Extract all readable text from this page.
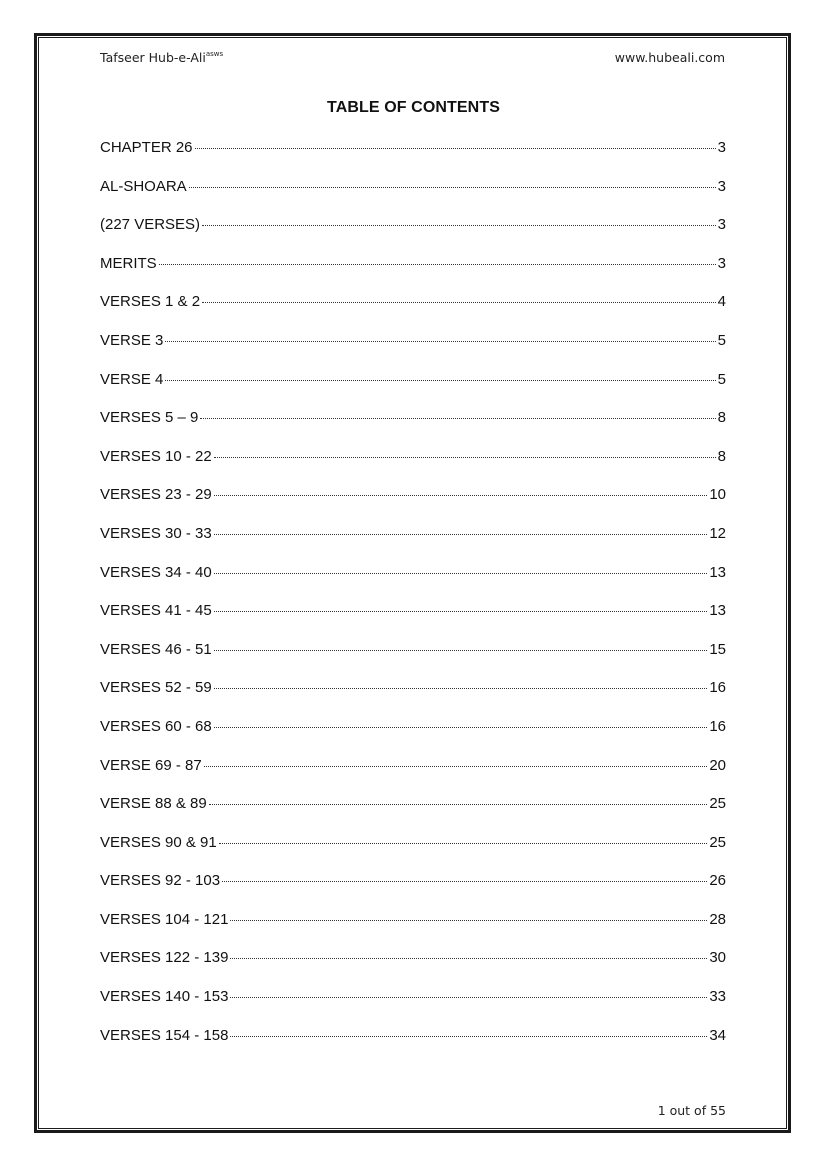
Tafseer Hub-e-Ali$^{asws}$	www.hubeali.com
TABLE OF CONTENTS
CHAPTER 26	3
AL-SHOARA	3
(227 VERSES)	3
MERITS	3
VERSES 1 & 2	4
VERSE 3	5
VERSE 4	5
VERSES 5 – 9	8
VERSES 10 - 22	8
VERSES 23 - 29	10
VERSES 30 - 33	12
VERSES 34 - 40	13
VERSES 41 - 45	13
VERSES 46 - 51	15
VERSES 52 - 59	16
VERSES 60 - 68	16
VERSE 69 - 87	20
VERSE 88 & 89	25
VERSES 90 & 91	25
VERSES 92 - 103	26
VERSES 104 - 121	28
VERSES 122 - 139	30
VERSES 140 - 153	33
VERSES 154 - 158	34
1 out of 55
